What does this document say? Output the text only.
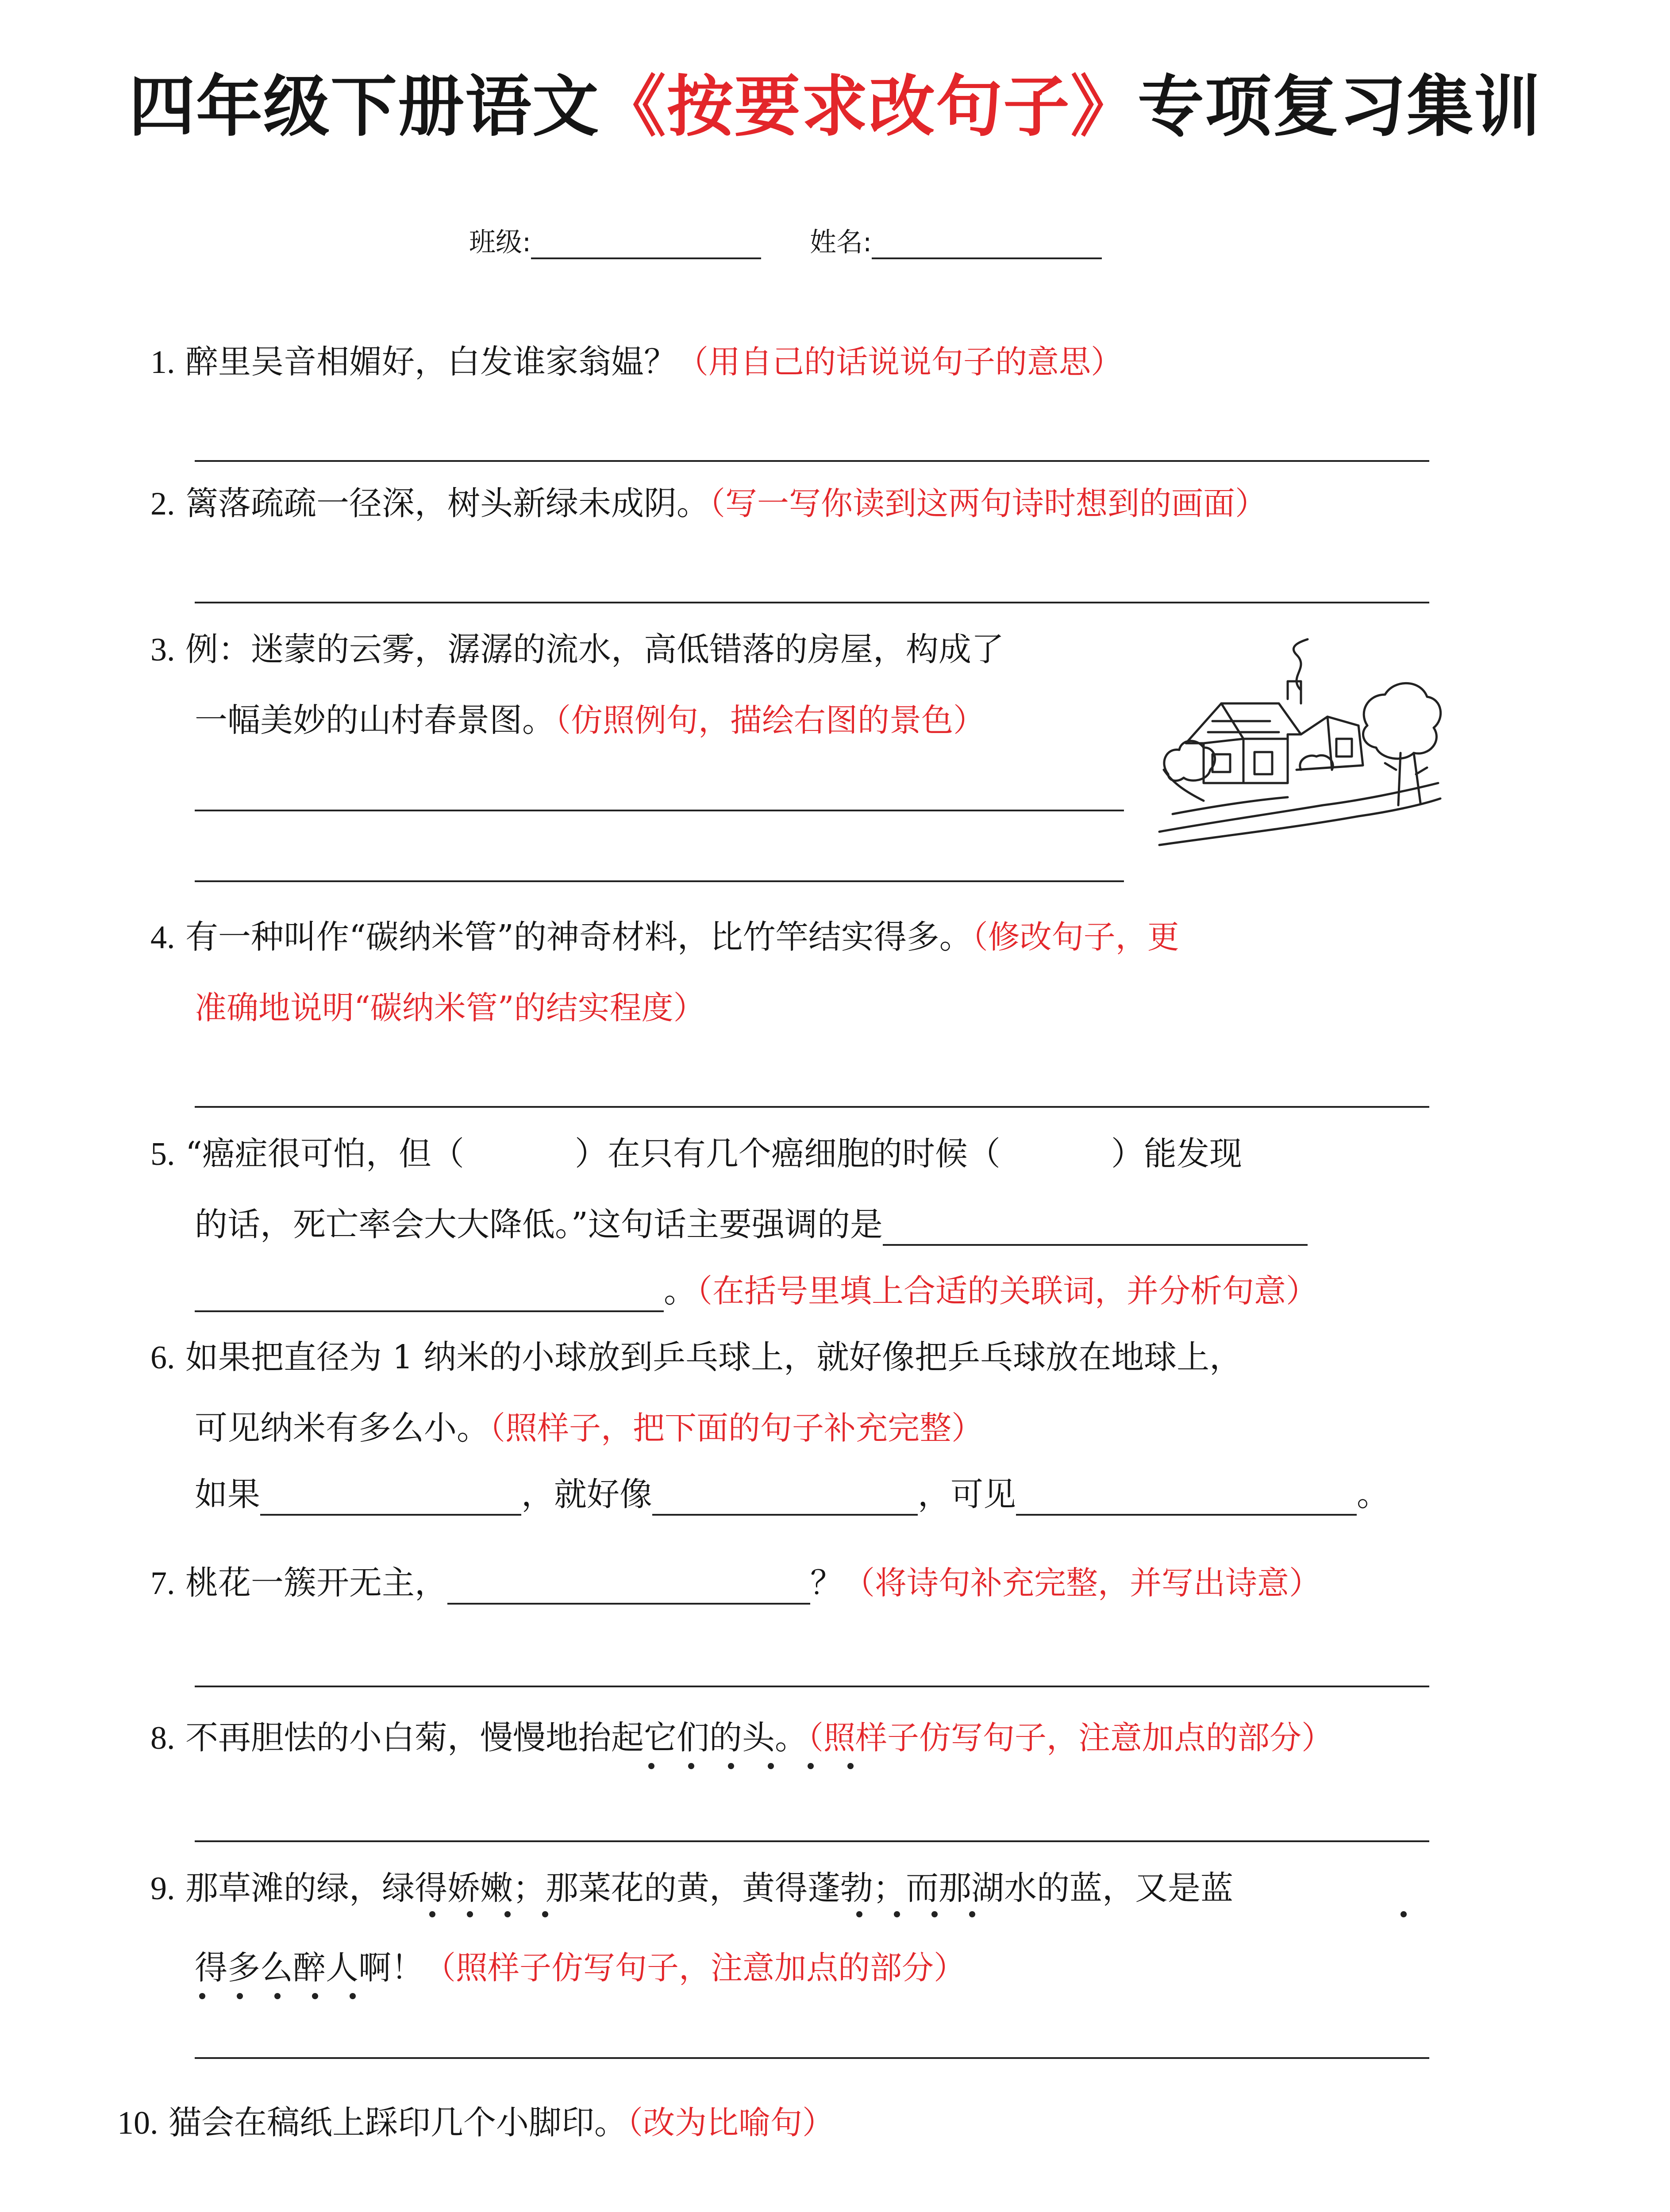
四年级下册语文《按要求改句子》专项复习集训
班级:	姓名:
1. 醉里吴音相媚好，白发谁家翁媪？（用自己的话说说句子的意思）
2. 篱落疏疏一径深，树头新绿未成阴。（写一写你读到这两句诗时想到的画面）
3. 例：迷蒙的云雾，潺潺的流水，高低错落的房屋，构成了
一幅美妙的山村春景图。（仿照例句，描绘右图的景色）
4. 有一种叫作“碳纳米管”的神奇材料，比竹竿结实得多。（修改句子，更
准确地说明“碳纳米管”的结实程度）
5. “癌症很可怕，但（	）在只有几个癌细胞的时候（	）能发现
的话，死亡率会大大降低。”这句话主要强调的是
。（在括号里填上合适的关联词，并分析句意）
6. 如果把直径为 1 纳米的小球放到乒乓球上，就好像把乒乓球放在地球上，
可见纳米有多么小。（照样子，把下面的句子补充完整）
如果	，就好像	，可见	。
7. 桃花一簇开无主，	？（将诗句补充完整，并写出诗意）
8. 不再胆怯的小白菊，慢慢地抬起它们的头。（照样子仿写句子，注意加点的部分）
9. 那草滩的绿，绿得娇嫩；那菜花的黄，黄得蓬勃；而那湖水的蓝，又是蓝
得多么醉人啊！（照样子仿写句子，注意加点的部分）
10. 猫会在稿纸上踩印几个小脚印。（改为比喻句）
